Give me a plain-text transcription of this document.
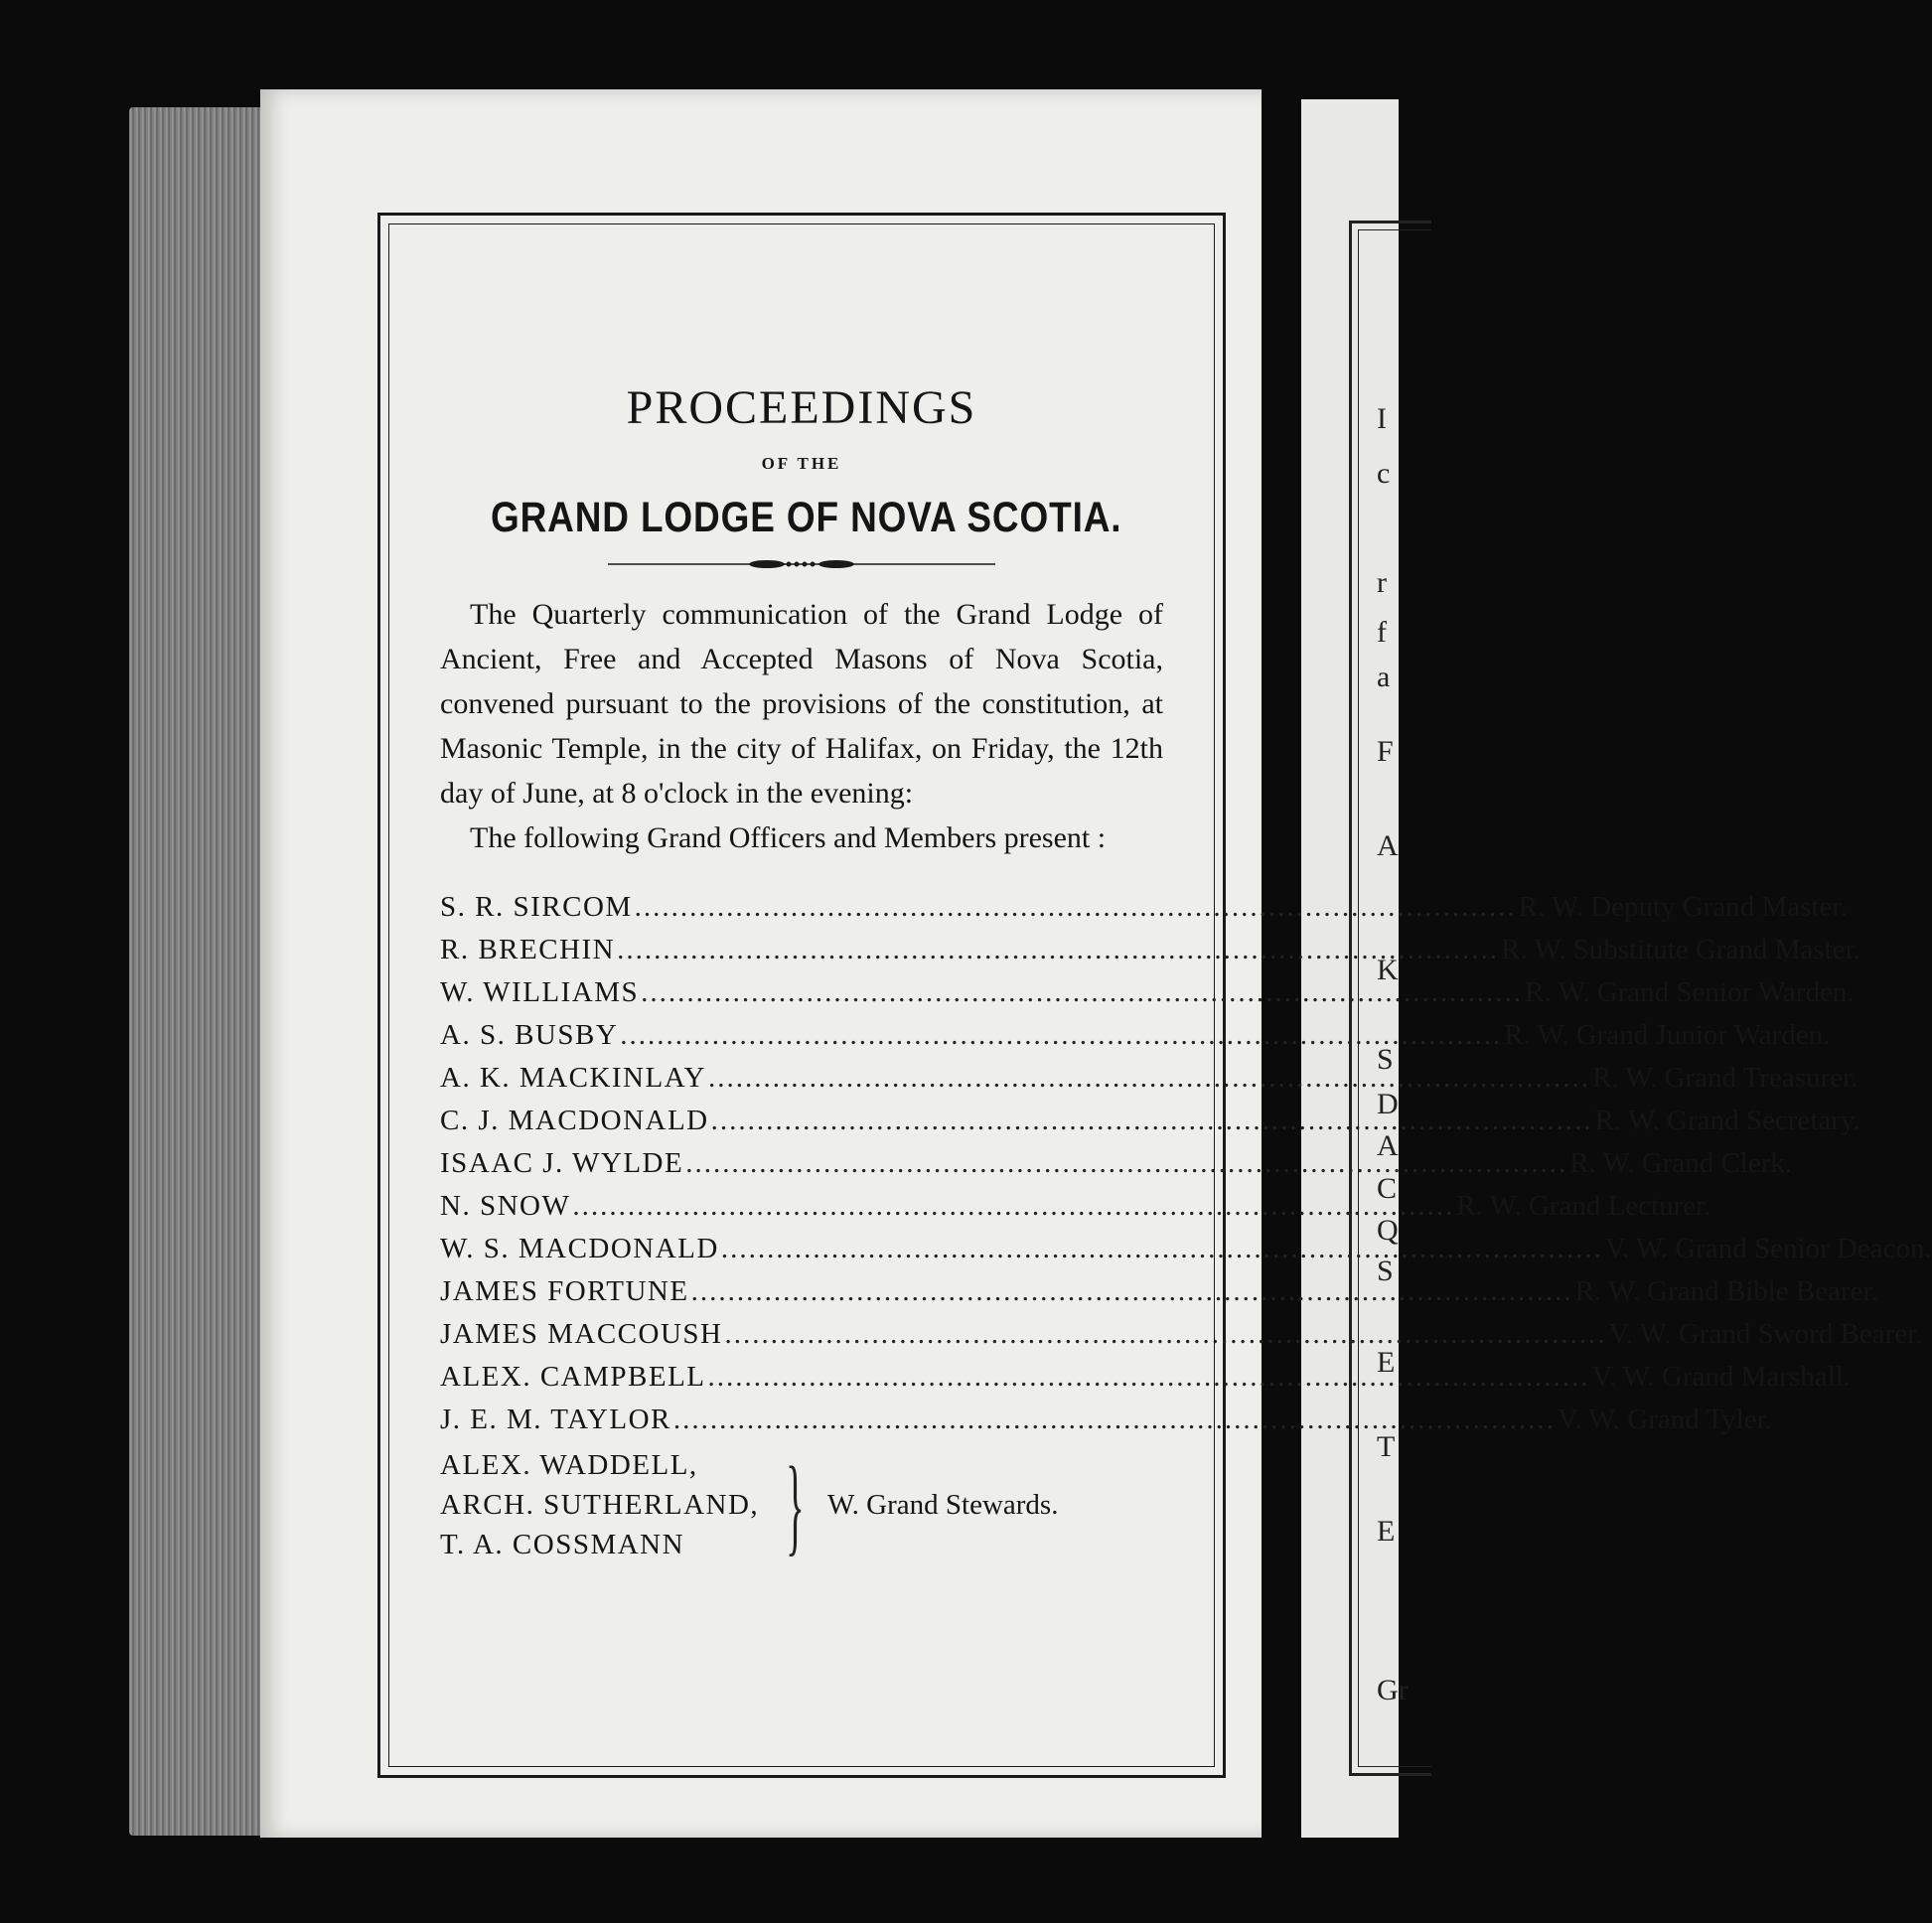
I
c
r
f
a
F
A
K
S
D
A
C
Q
S
E
T
E
Gr
PROCEEDINGS
OF THE
GRAND LODGE OF NOVA SCOTIA.

The Quarterly communication of the Grand Lodge of Ancient, Free and Accepted Masons of Nova Scotia, convened pursuant to the provisions of the constitution, at Masonic Temple, in the city of Halifax, on Friday, the 12th day of June, at 8 o'clock in the evening:

The following Grand Officers and Members present :

S. R. SIRCOM .....	R. W. Deputy Grand Master.
R. BRECHIN .....	R. W. Substitute Grand Master.
W. WILLIAMS .....	R. W. Grand Senior Warden.
A. S. BUSBY .....	R. W. Grand Junior Warden.
A. K. MACKINLAY .....	R. W. Grand Treasurer.
C. J. MACDONALD .....	R. W. Grand Secretary.
ISAAC J. WYLDE .....	R. W. Grand Clerk.
N. SNOW .....	R. W. Grand Lecturer.
W. S. MACDONALD .....	V. W. Grand Senior Deacon.
JAMES FORTUNE .....	R. W. Grand Bible Bearer.
JAMES MACCOUSH .....	V. W. Grand Sword Bearer.
ALEX. CAMPBELL .....	V. W. Grand Marshall.
J. E. M. TAYLOR .....	V. W. Grand Tyler.
ALEX. WADDELL,
ARCH. SUTHERLAND,
T. A. COSSMANN } W. Grand Stewards.
